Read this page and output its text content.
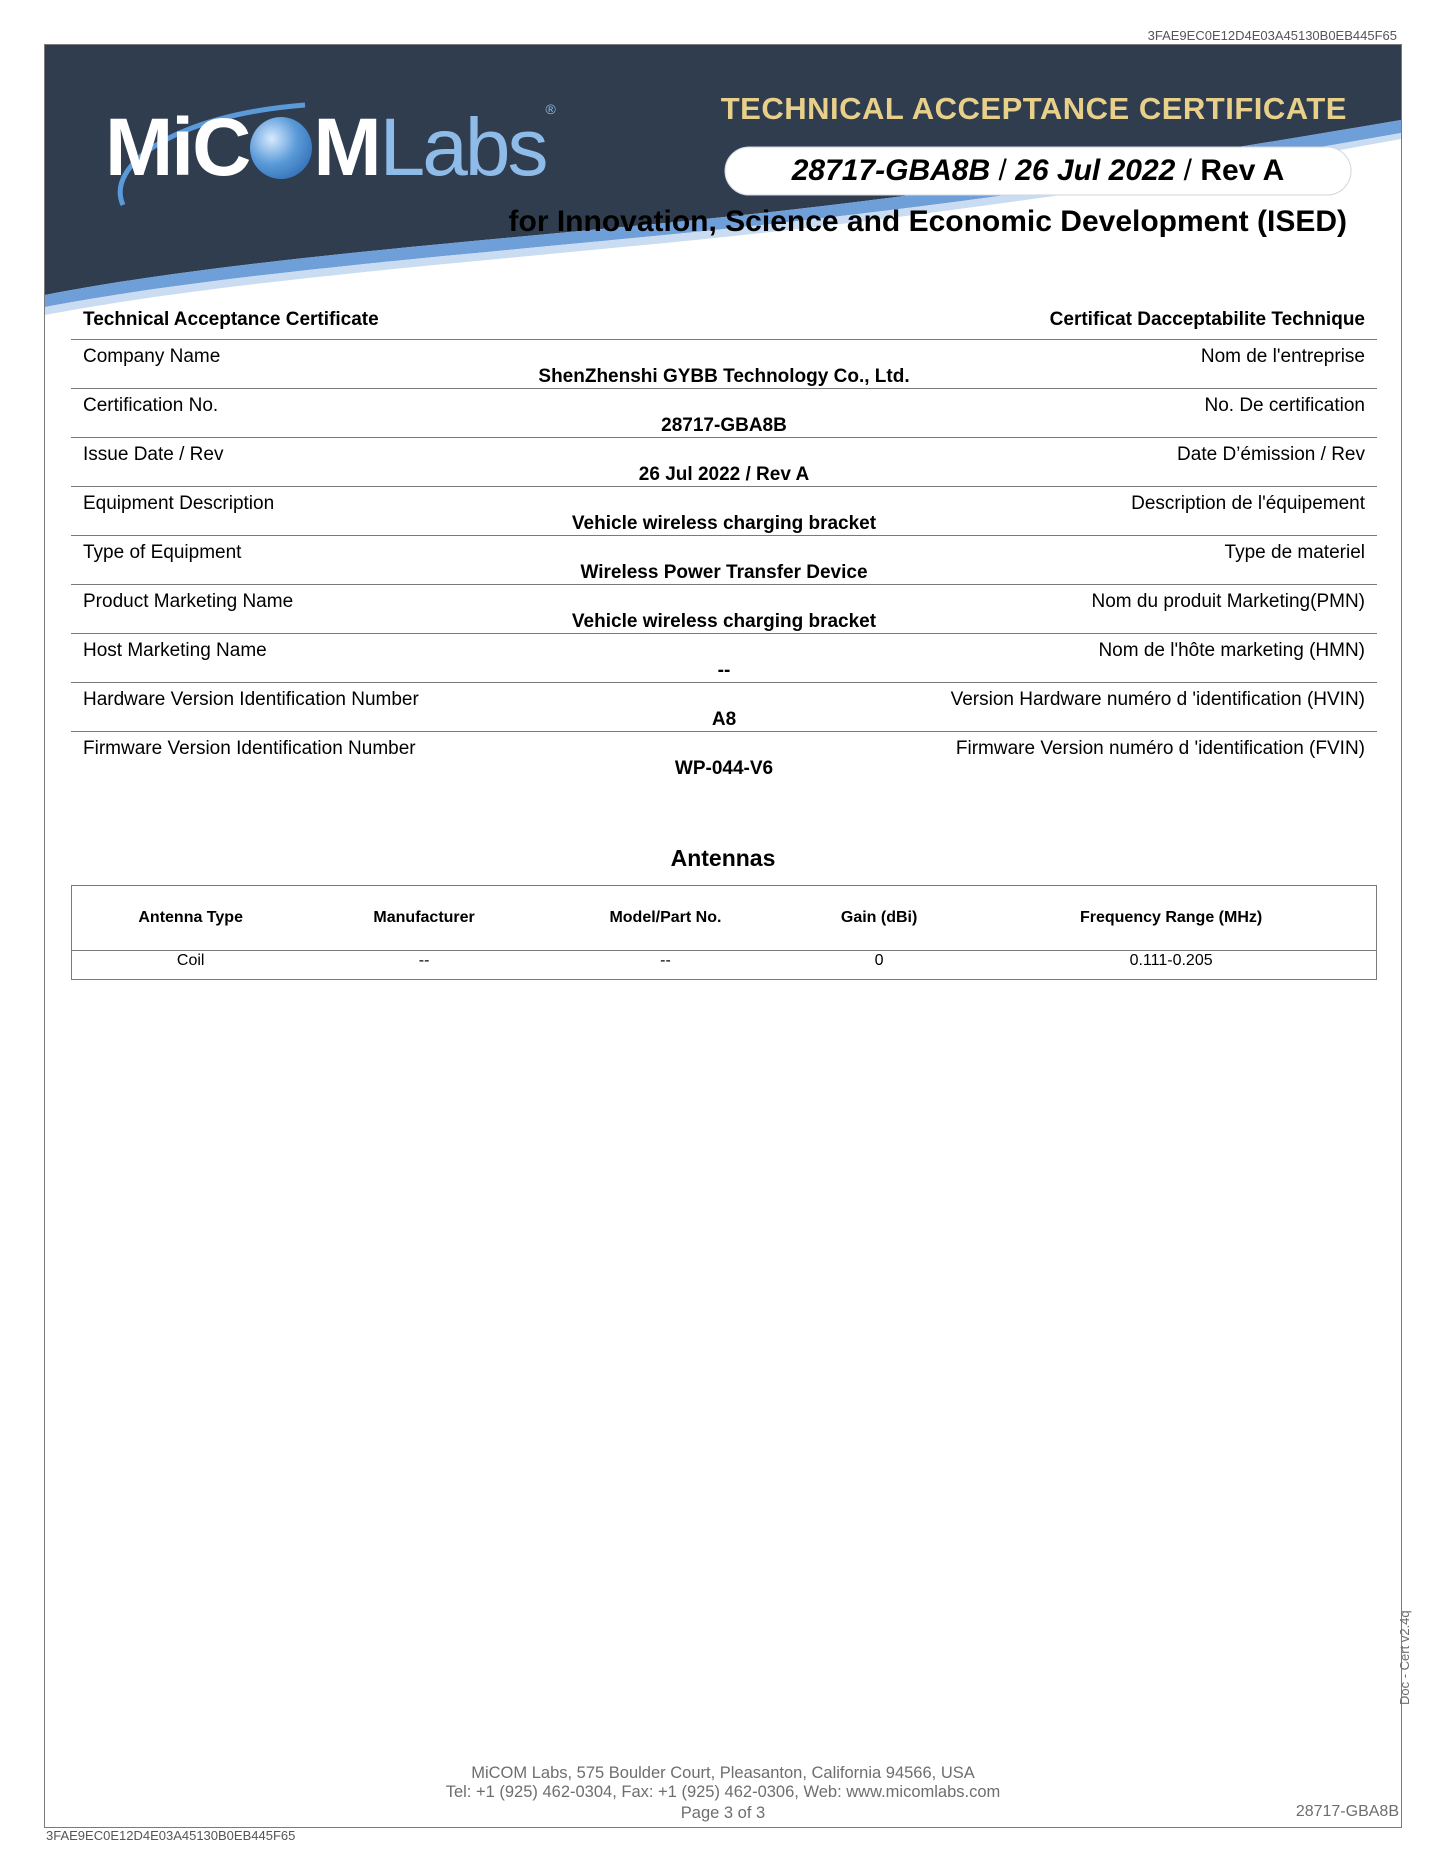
3FAE9EC0E12D4E03A45130B0EB445F65
MiC MLabs®	TECHNICAL ACCEPTANCE CERTIFICATE
28717-GBA8B / 26 Jul 2022 / Rev A
for Innovation, Science and Economic Development (ISED)
Technical Acceptance Certificate	Certificat Dacceptabilite Technique
Company Name	Nom de l'entreprise
ShenZhenshi GYBB Technology Co., Ltd.
Certification No.	No. De certification
28717-GBA8B
Issue Date / Rev	Date D’émission / Rev
26 Jul 2022 / Rev A
Equipment Description	Description de l'équipement
Vehicle wireless charging bracket
Type of Equipment	Type de materiel
Wireless Power Transfer Device
Product Marketing Name	Nom du produit Marketing(PMN)
Vehicle wireless charging bracket
Host Marketing Name	Nom de l'hôte marketing (HMN)
--
Hardware Version Identification Number	Version Hardware numéro d 'identification (HVIN)
A8
Firmware Version Identification Number	Firmware Version numéro d 'identification (FVIN)
WP-044-V6
Antennas
Antenna Type	Manufacturer	Model/Part No.	Gain (dBi)	Frequency Range (MHz)
Coil	--	--	0	0.111-0.205
Doc - Cert v2.4q
MiCOM Labs, 575 Boulder Court, Pleasanton, California 94566, USA
Tel: +1 (925) 462-0304, Fax: +1 (925) 462-0306, Web: www.micomlabs.com
Page 3 of 3	28717-GBA8B
3FAE9EC0E12D4E03A45130B0EB445F65
